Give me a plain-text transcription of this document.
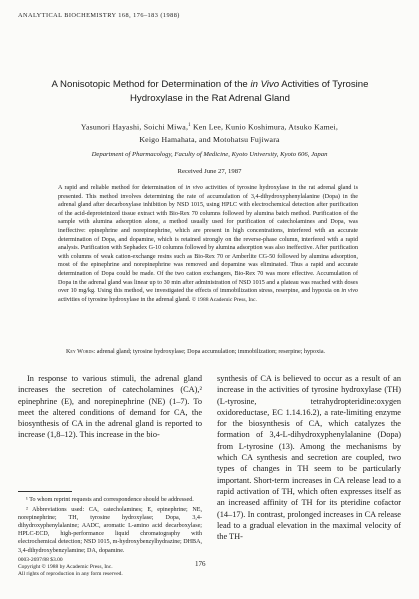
ANALYTICAL BIOCHEMISTRY 168, 176–183 (1988)
A Nonisotopic Method for Determination of the in Vivo Activities of Tyrosine Hydroxylase in the Rat Adrenal Gland
Yasunori Hayashi, Soichi Miwa,$^1$ Ken Lee, Kunio Koshimura, Atsuko Kamei,
Keigo Hamahata, and Motohatsu Fujiwara
Department of Pharmacology, Faculty of Medicine, Kyoto University, Kyoto 606, Japan
Received June 27, 1987
A rapid and reliable method for determination of in vivo activities of tyrosine hydroxylase in the rat adrenal gland is presented. This method involves determining the rate of accumulation of 3,4-dihydroxyphenylalanine (Dopa) in the adrenal gland after decarboxylase inhibition by NSD 1015, using HPLC with electrochemical detection after purification of the acid-deproteinized tissue extract with Bio-Rex 70 columns followed by alumina batch method. Purification of the sample with alumina adsorption alone, a method usually used for purification of catecholamines and Dopa, was ineffective: epinephrine and norepinephrine, which are present in high concentrations, interfered with an accurate determination of Dopa, and dopamine, which is retained strongly on the reverse-phase column, interfered with a rapid analysis. Purification with Sephadex G-10 columns followed by alumina adsorption was also ineffective. After purification with columns of weak cation-exchange resins such as Bio-Rex 70 or Amberlite CG-50 followed by alumina adsorption, most of the epinephrine and norepinephrine was removed and dopamine was eliminated. Thus a rapid and accurate determination of Dopa could be made. Of the two cation exchangers, Bio-Rex 70 was more effective. Accumulation of Dopa in the adrenal gland was linear up to 30 min after administration of NSD 1015 and a plateau was reached with doses over 10 mg/kg. Using this method, we investigated the effects of immobilization stress, reserpine, and hypoxia on in vivo activities of tyrosine hydroxylase in the adrenal gland. © 1988 Academic Press, Inc.
Key Words: adrenal gland; tyrosine hydroxylase; Dopa accumulation; immobilization; reserpine; hypoxia.

In response to various stimuli, the adrenal gland increases the secretion of catecholamines (CA),² epinephrine (E), and norepinephrine (NE) (1–7). To meet the altered conditions of demand for CA, the biosynthesis of CA in the adrenal gland is reported to increase (1,8–12). This increase in the bio-

synthesis of CA is believed to occur as a result of an increase in the activities of tyrosine hydroxylase (TH) (L-tyrosine, tetrahydropteridine:oxygen oxidoreductase, EC 1.14.16.2), a rate-limiting enzyme for the biosynthesis of CA, which catalyzes the formation of 3,4-L-dihydroxyphenylalanine (Dopa) from L-tyrosine (13). Among the mechanisms by which CA synthesis and secretion are coupled, two types of changes in TH seem to be particularly important. Short-term increases in CA release lead to a rapid activation of TH, which often expresses itself as an increased affinity of TH for its pteridine cofactor (14–17). In contrast, prolonged increases in CA release lead to a gradual elevation in the maximal velocity of the TH-

¹ To whom reprint requests and correspondence should be addressed.

² Abbreviations used: CA, catecholamines; E, epinephrine; NE, norepinephrine; TH, tyrosine hydroxylase; Dopa, 3,4-dihydroxyphenylalanine; AADC, aromatic L-amino acid decarboxylase; HPLC-ECD, high-performance liquid chromatography with electrochemical detection; NSD 1015, m-hydroxybenzylhydrazine; DHBA, 3,4-dihydroxybenzylamine; DA, dopamine.

176
0003-2697/88 $3.00
Copyright © 1988 by Academic Press, Inc.
All rights of reproduction in any form reserved.
